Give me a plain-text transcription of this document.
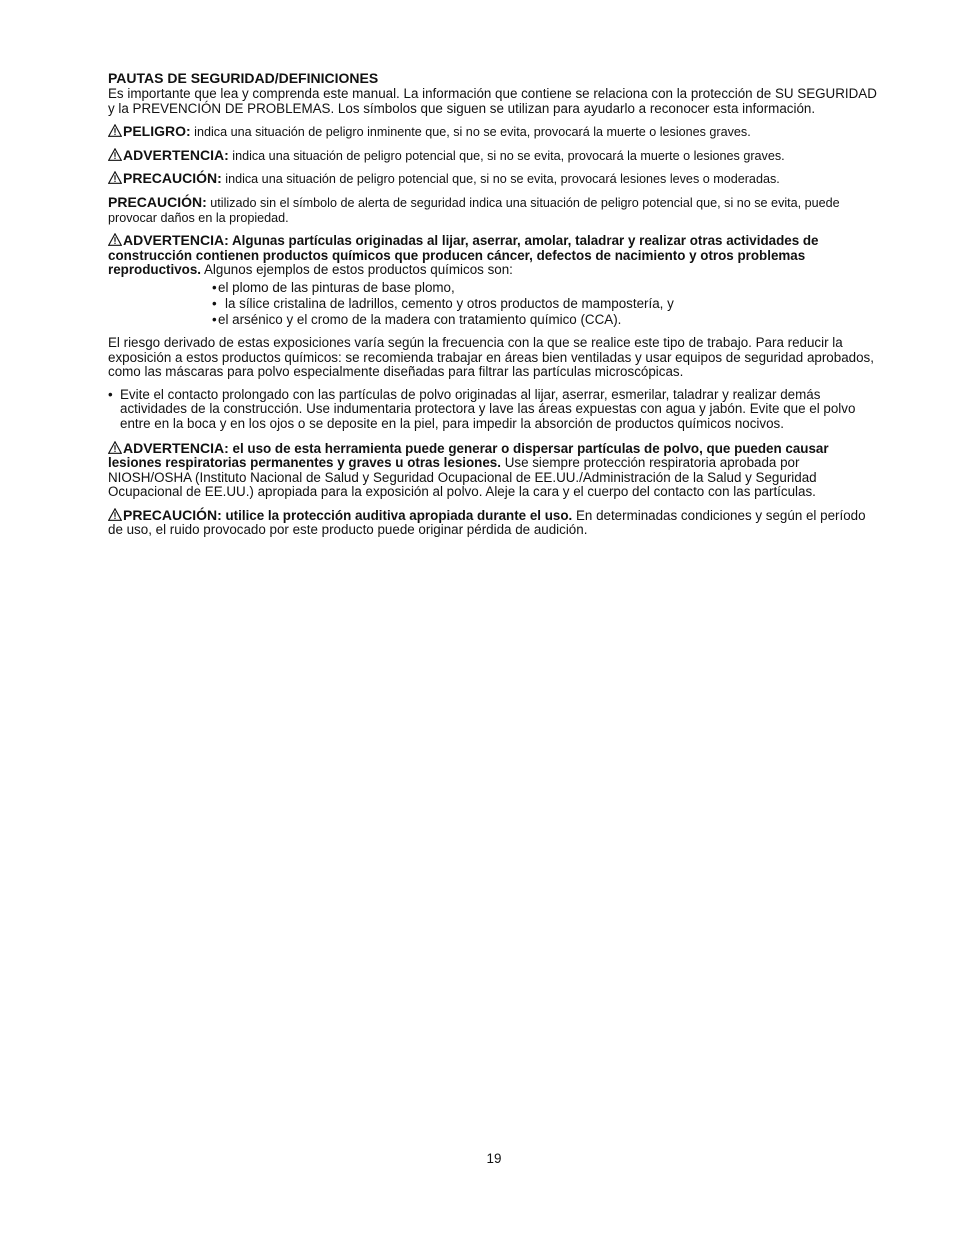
PAUTAS DE SEGURIDAD/DEFINICIONES

Es importante que lea y comprenda este manual. La información que contiene se relaciona con la protección de SU SEGURIDAD y la PREVENCIÓN DE PROBLEMAS. Los símbolos que siguen se utilizan para ayudarlo a reconocer esta información.

PELIGRO: indica una situación de peligro inminente que, si no se evita, provocará la muerte o lesiones graves.

ADVERTENCIA: indica una situación de peligro potencial que, si no se evita, provocará la muerte o lesiones graves.

PRECAUCIÓN: indica una situación de peligro potencial que, si no se evita, provocará lesiones leves o moderadas.

PRECAUCIÓN: utilizado sin el símbolo de alerta de seguridad indica una situación de peligro potencial que, si no se evita, puede provocar daños en la propiedad.

ADVERTENCIA: Algunas partículas originadas al lijar, aserrar, amolar, taladrar y realizar otras actividades de construcción contienen productos químicos que producen cáncer, defectos de nacimiento y otros problemas reproductivos. Algunos ejemplos de estos productos químicos son:

•el plomo de las pinturas de base plomo,
• la sílice cristalina de ladrillos, cemento y otros productos de mampostería, y
•el arsénico y el cromo de la madera con tratamiento químico (CCA).

El riesgo derivado de estas exposiciones varía según la frecuencia con la que se realice este tipo de trabajo. Para reducir la exposición a estos productos químicos: se recomienda trabajar en áreas bien ventiladas y usar equipos de seguridad aprobados, como las máscaras para polvo especialmente diseñadas para filtrar las partículas microscópicas.

• Evite el contacto prolongado con las partículas de polvo originadas al lijar, aserrar, esmerilar, taladrar y realizar demás actividades de la construcción. Use indumentaria protectora y lave las áreas expuestas con agua y jabón. Evite que el polvo entre en la boca y en los ojos o se deposite en la piel, para impedir la absorción de productos químicos nocivos.

ADVERTENCIA: el uso de esta herramienta puede generar o dispersar partículas de polvo, que pueden causar lesiones respiratorias permanentes y graves u otras lesiones. Use siempre protección respiratoria aprobada por NIOSH/OSHA (Instituto Nacional de Salud y Seguridad Ocupacional de EE.UU./Administración de la Salud y Seguridad Ocupacional de EE.UU.) apropiada para la exposición al polvo. Aleje la cara y el cuerpo del contacto con las partículas.

PRECAUCIÓN: utilice la protección auditiva apropiada durante el uso. En determinadas condiciones y según el período de uso, el ruido provocado por este producto puede originar pérdida de audición.

19
